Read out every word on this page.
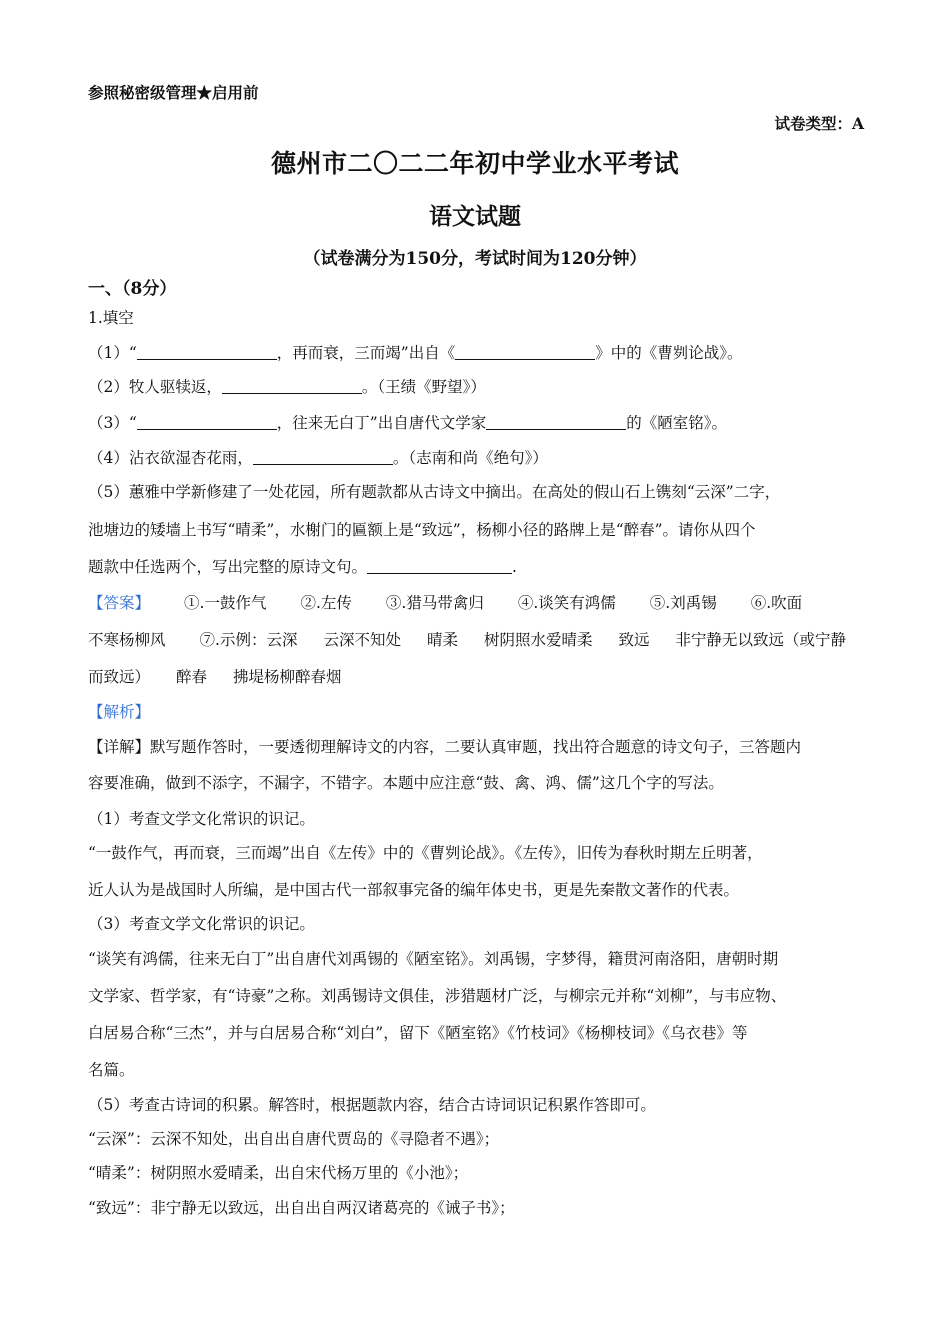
参照秘密级管理★启用前
试卷类型：A
德州市二〇二二年初中学业水平考试
语文试题
（试卷满分为150分，考试时间为120分钟）
一、（8分）
1.填空
（1）“	，再而衰，三而竭”出自《	》中的《曹刿论战》。
（2）牧人驱犊返，	。（王绩《野望》）
（3）“	，往来无白丁”出自唐代文学家	的《陋室铭》。
（4）沾衣欲湿杏花雨，	。（志南和尚《绝句》）
（5）蕙雅中学新修建了一处花园，所有题款都从古诗文中摘出。在高处的假山石上镌刻“云深”二字，
池塘边的矮墙上书写“晴柔”，水榭门的匾额上是“致远”，杨柳小径的路牌上是“醉春”。请你从四个
题款中任选两个，写出完整的原诗文句。	.
【答案】 ①.一鼓作气 ②.左传 ③.猎马带禽归 ④.谈笑有鸿儒 ⑤.刘禹锡 ⑥.吹面
不寒杨柳风 ⑦.示例：云深 云深不知处 晴柔 树阴照水爱晴柔 致远 非宁静无以致远（或宁静
而致远） 醉春 拂堤杨柳醉春烟
【解析】
【详解】默写题作答时，一要透彻理解诗文的内容，二要认真审题，找出符合题意的诗文句子，三答题内
容要准确，做到不添字，不漏字，不错字。本题中应注意“鼓、禽、鸿、儒”这几个字的写法。
（1）考查文学文化常识的识记。
“一鼓作气，再而衰，三而竭”出自《左传》中的《曹刿论战》。《左传》，旧传为春秋时期左丘明著，
近人认为是战国时人所编，是中国古代一部叙事完备的编年体史书，更是先秦散文著作的代表。
（3）考查文学文化常识的识记。
“谈笑有鸿儒，往来无白丁”出自唐代刘禹锡的《陋室铭》。刘禹锡，字梦得，籍贯河南洛阳，唐朝时期
文学家、哲学家，有“诗豪”之称。刘禹锡诗文俱佳，涉猎题材广泛，与柳宗元并称“刘柳”，与韦应物、
白居易合称“三杰”，并与白居易合称“刘白”，留下《陋室铭》《竹枝词》《杨柳枝词》《乌衣巷》等
名篇。
（5）考查古诗词的积累。解答时，根据题款内容，结合古诗词识记积累作答即可。
“云深”：云深不知处，出自出自唐代贾岛的《寻隐者不遇》；
“晴柔”：树阴照水爱晴柔，出自宋代杨万里的《小池》；
“致远”：非宁静无以致远，出自出自两汉诸葛亮的《诫子书》；
